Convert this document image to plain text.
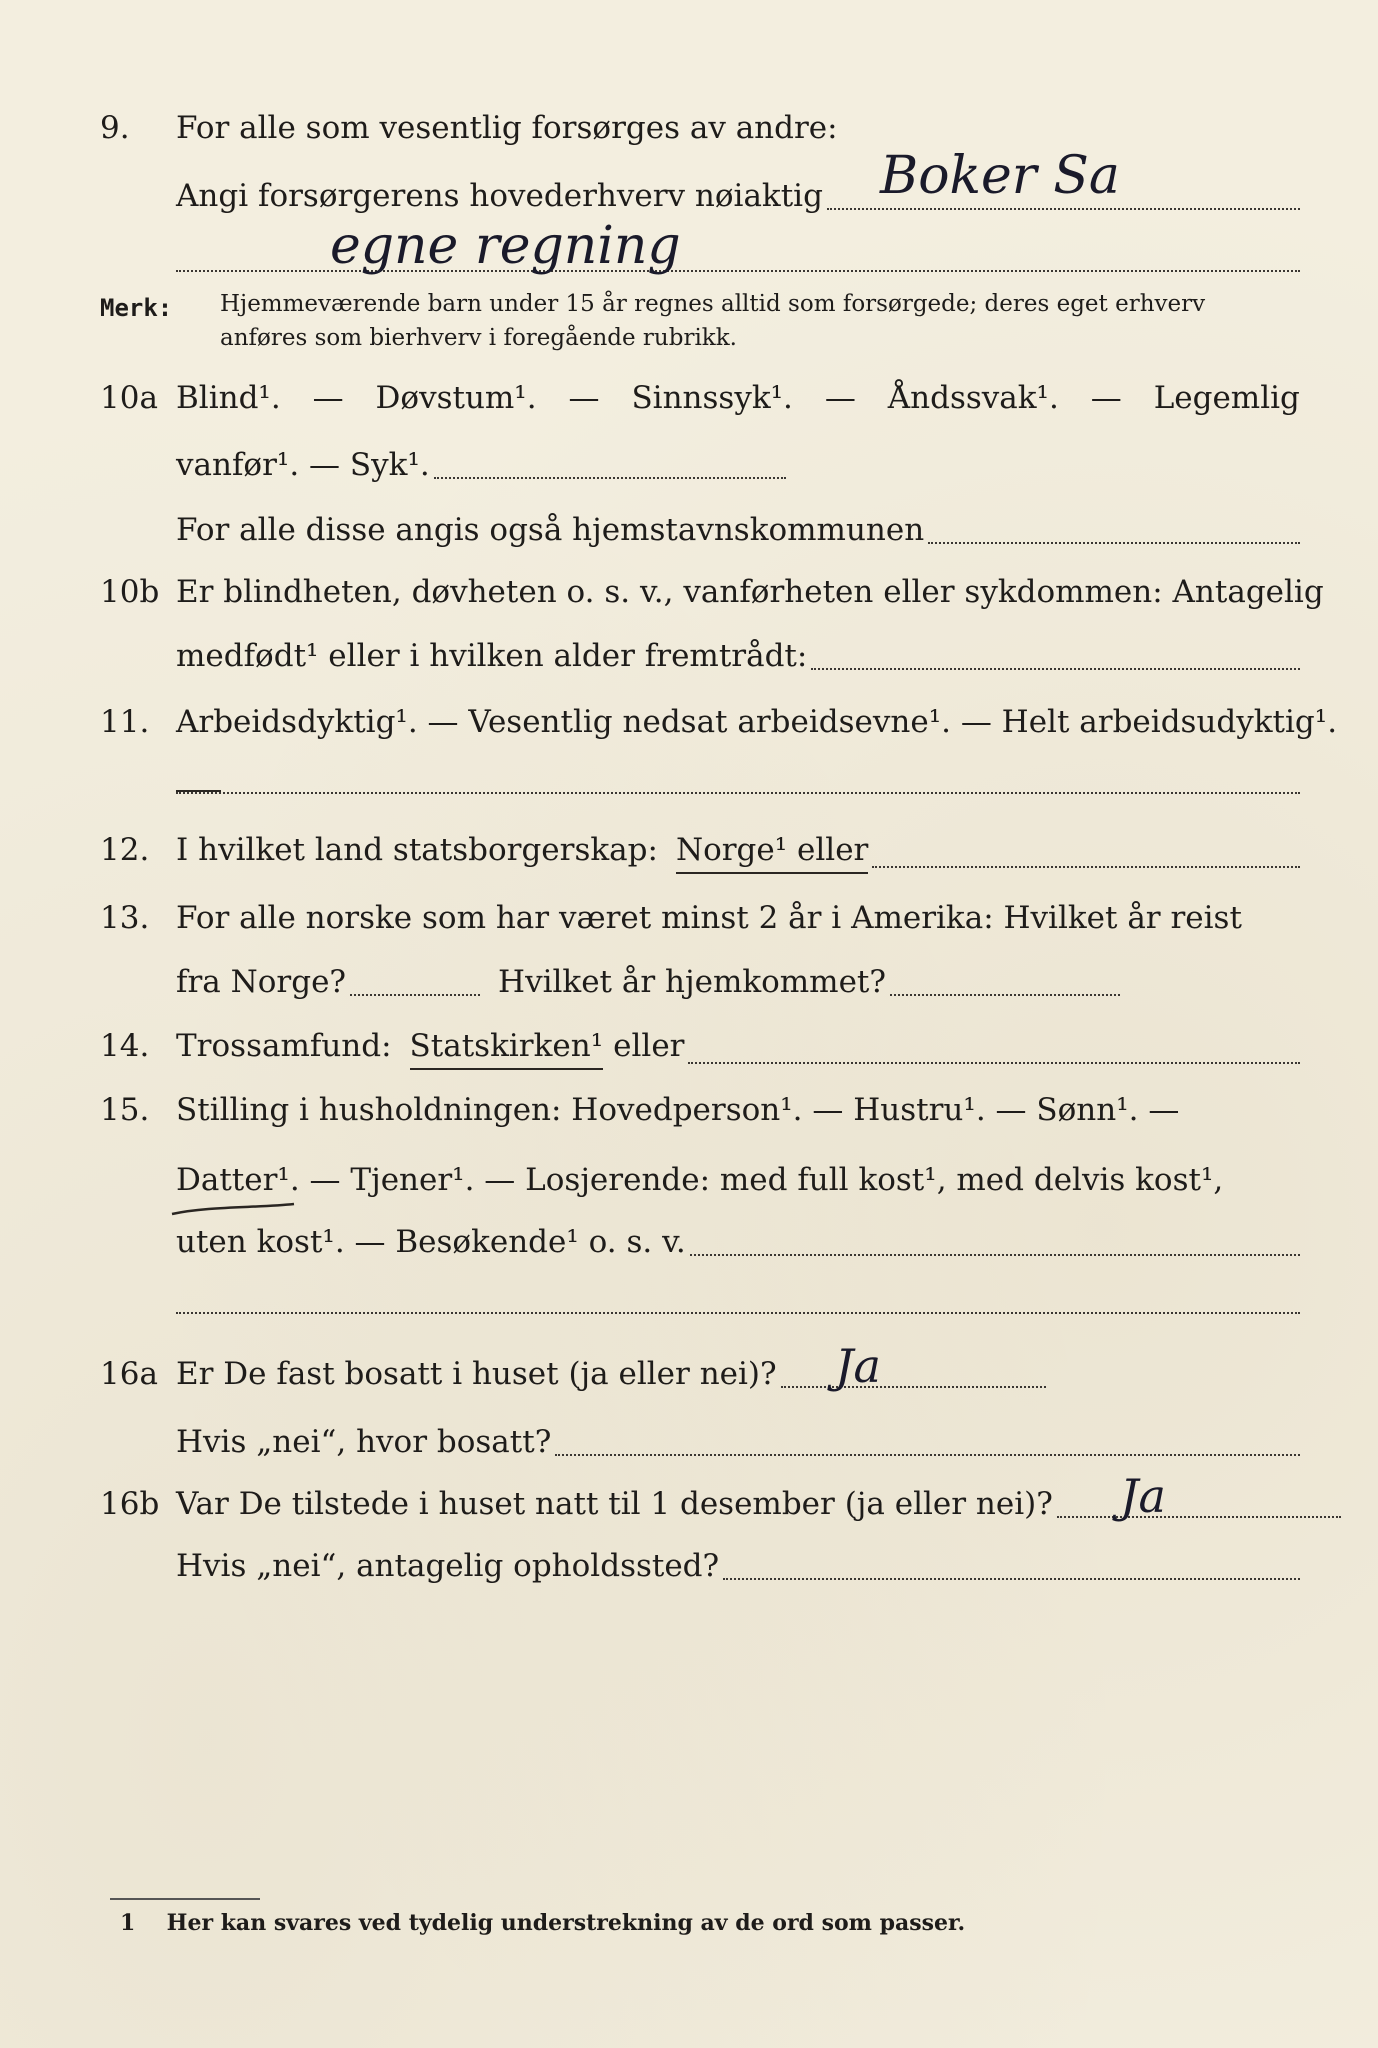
9.	For alle som vesentlig forsørges av andre:
Angi forsørgerens hovederhverv nøiaktig Boker Sa
egne regning
Merk: Hjemmeværende barn under 15 år regnes alltid som forsørgede; deres eget erhverv
anføres som bierhverv i foregående rubrikk.
10a Blind¹. — Døvstum¹. — Sinnssyk¹. — Åndssvak¹. — Legemlig
vanfør¹. — Syk¹.
For alle disse angis også hjemstavnskommunen
10b Er blindheten, døvheten o. s. v., vanførheten eller sykdommen: Antagelig
medfødt¹ eller i hvilken alder fremtrådt:
11. Arbeidsdyktig¹. — Vesentlig nedsat arbeidsevne¹. — Helt arbeidsudyktig¹.
12. I hvilket land statsborgerskap: Norge¹ eller
13. For alle norske som har været minst 2 år i Amerika: Hvilket år reist
fra Norge?	Hvilket år hjemkommet?
14. Trossamfund: Statskirken¹ eller
15. Stilling i husholdningen: Hovedperson¹. — Hustru¹. — Sønn¹. —
Datter¹. — Tjener¹. — Losjerende: med full kost¹, med delvis kost¹,
uten kost¹. — Besøkende¹ o. s. v.
16a Er De fast bosatt i huset (ja eller nei)? Ja
Hvis „nei“, hvor bosatt?
16b Var De tilstede i huset natt til 1 desember (ja eller nei)? Ja
Hvis „nei“, antagelig opholdssted?
1 Her kan svares ved tydelig understrekning av de ord som passer.
